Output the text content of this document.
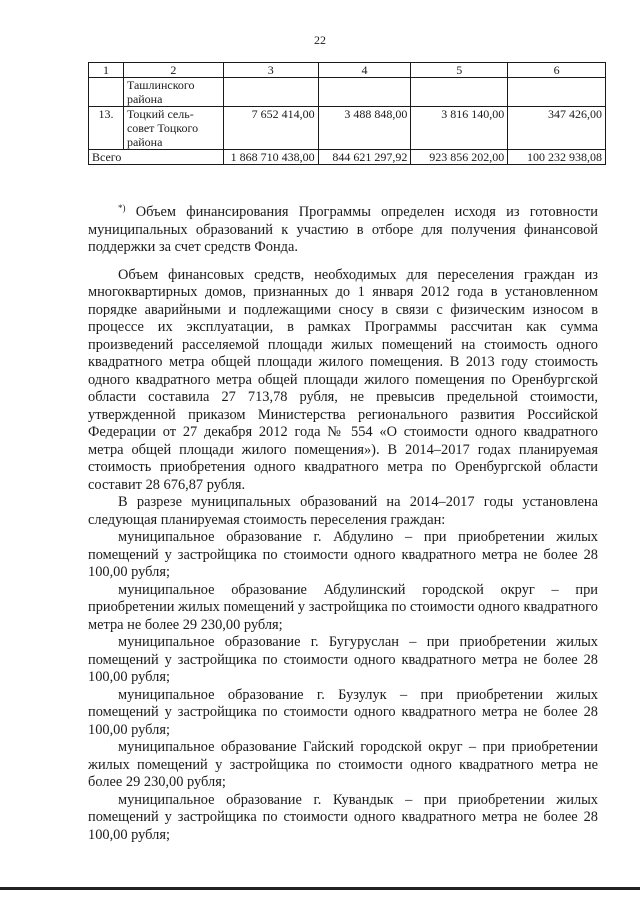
22
1	2	3	4	5	6
	Ташлинского района				
13.	Тоцкий сель-совет Тоцкого района	7 652 414,00	3 488 848,00	3 816 140,00	347 426,00
Всего		1 868 710 438,00	844 621 297,92	923 856 202,00	100 232 938,08

*) Объем финансирования Программы определен исходя из готовности муниципальных образований к участию в отборе для получения финансовой поддержки за счет средств Фонда.

Объем финансовых средств, необходимых для переселения граждан из многоквартирных домов, признанных до 1 января 2012 года в установленном порядке аварийными и подлежащими сносу в связи с физическим износом в процессе их эксплуатации, в рамках Программы рассчитан как сумма произведений расселяемой площади жилых помещений на стоимость одного квадратного метра общей площади жилого помещения. В 2013 году стоимость одного квадратного метра общей площади жилого помещения по Оренбургской области составила 27 713,78 рубля, не превысив предельной стоимости, утвержденной приказом Министерства регионального развития Российской Федерации от 27 декабря 2012 года № 554 «О стоимости одного квадратного метра общей площади жилого помещения»). В 2014–2017 годах планируемая стоимость приобретения одного квадратного метра по Оренбургской области составит 28 676,87 рубля.

В разрезе муниципальных образований на 2014–2017 годы установлена следующая планируемая стоимость переселения граждан:

муниципальное образование г. Абдулино – при приобретении жилых помещений у застройщика по стоимости одного квадратного метра не более 28 100,00 рубля;

муниципальное образование Абдулинский городской округ – при приобретении жилых помещений у застройщика по стоимости одного квадратного метра не более 29 230,00 рубля;

муниципальное образование г. Бугуруслан – при приобретении жилых помещений у застройщика по стоимости одного квадратного метра не более 28 100,00 рубля;

муниципальное образование г. Бузулук – при приобретении жилых помещений у застройщика по стоимости одного квадратного метра не более 28 100,00 рубля;

муниципальное образование Гайский городской округ – при приобретении жилых помещений у застройщика по стоимости одного квадратного метра не более 29 230,00 рубля;

муниципальное образование г. Кувандык – при приобретении жилых помещений у застройщика по стоимости одного квадратного метра не более 28 100,00 рубля;
